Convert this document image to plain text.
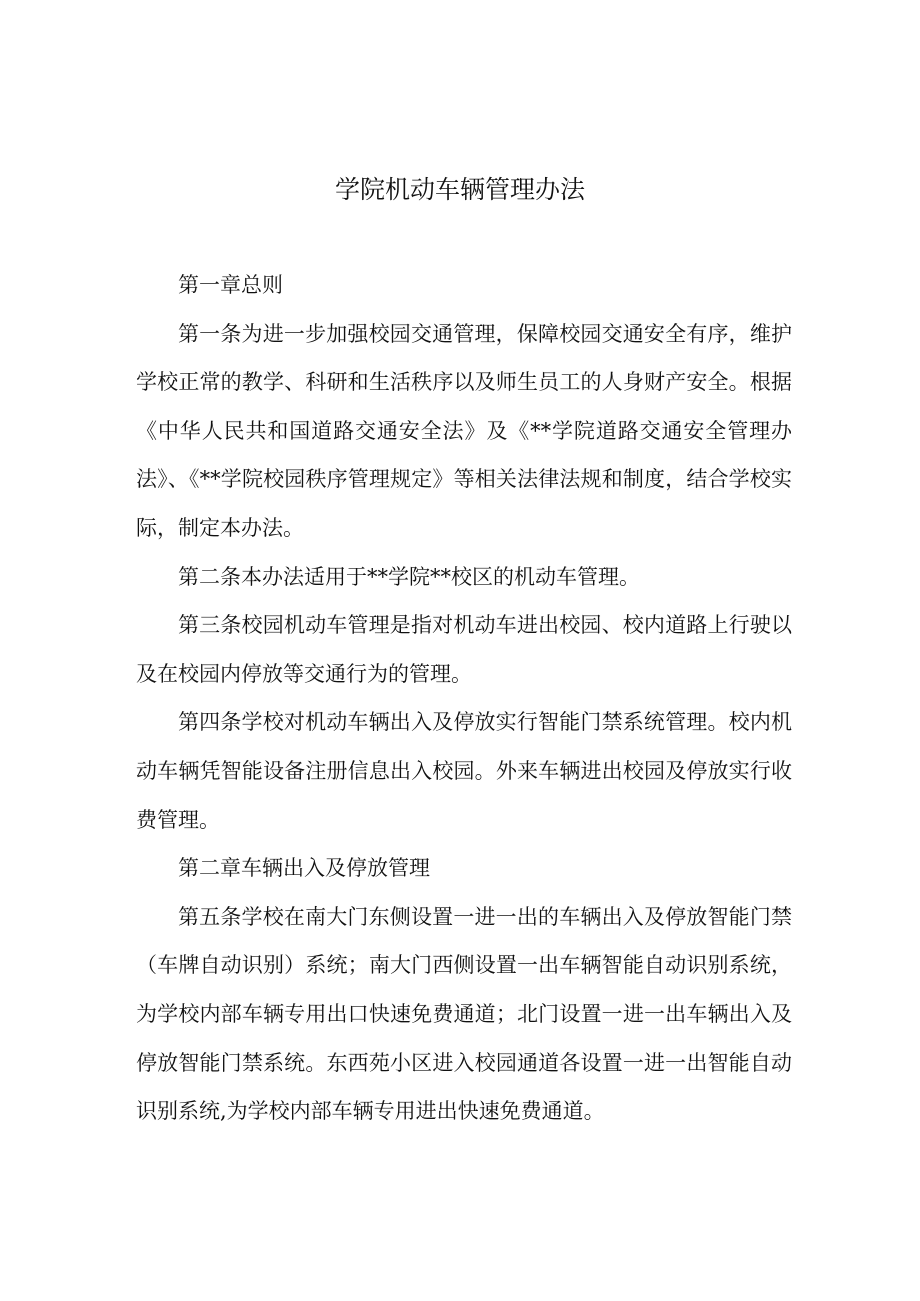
学院机动车辆管理办法

第一章总则

第一条为进一步加强校园交通管理，保障校园交通安全有序，维护学校正常的教学、科研和生活秩序以及师生员工的人身财产安全。根据《中华人民共和国道路交通安全法》及《**学院道路交通安全管理办法》、《**学院校园秩序管理规定》等相关法律法规和制度，结合学校实际，制定本办法。

第二条本办法适用于**学院**校区的机动车管理。

第三条校园机动车管理是指对机动车进出校园、校内道路上行驶以及在校园内停放等交通行为的管理。

第四条学校对机动车辆出入及停放实行智能门禁系统管理。校内机动车辆凭智能设备注册信息出入校园。外来车辆进出校园及停放实行收费管理。

第二章车辆出入及停放管理

第五条学校在南大门东侧设置一进一出的车辆出入及停放智能门禁（车牌自动识别）系统；南大门西侧设置一出车辆智能自动识别系统，为学校内部车辆专用出口快速免费通道；北门设置一进一出车辆出入及停放智能门禁系统。东西苑小区进入校园通道各设置一进一出智能自动识别系统,为学校内部车辆专用进出快速免费通道。
